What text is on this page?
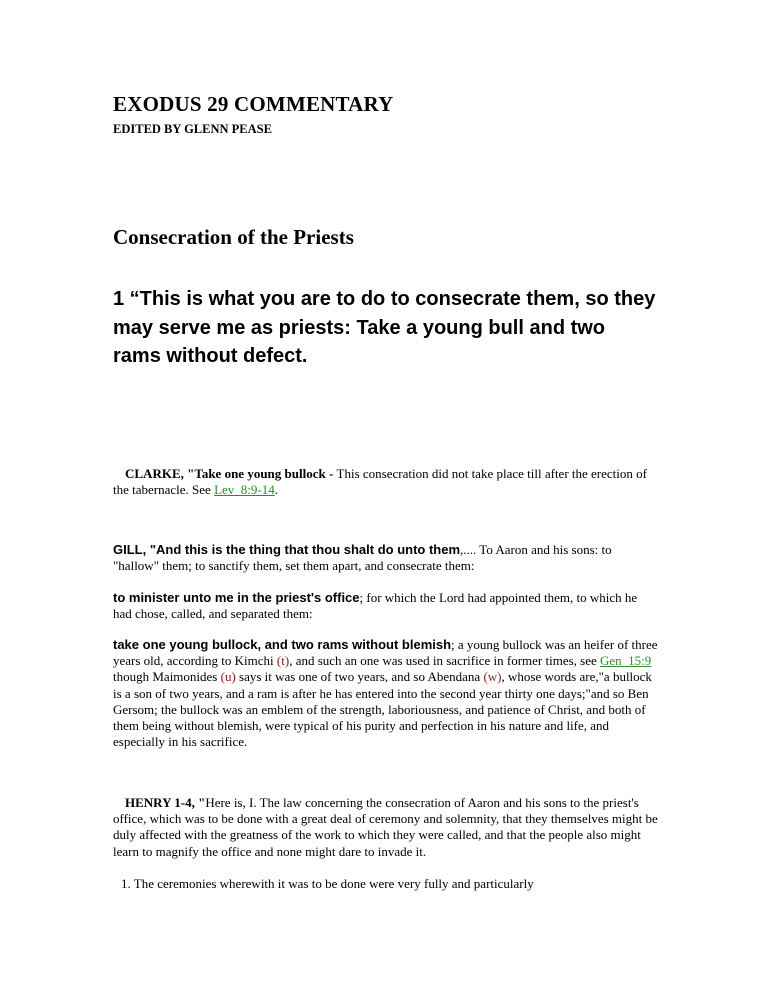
EXODUS 29 COMMENTARY
EDITED BY GLENN PEASE
Consecration of the Priests
1 “This is what you are to do to consecrate them, so they may serve me as priests: Take a young bull and two rams without defect.
CLARKE, "Take one young bullock - This consecration did not take place till after the erection of the tabernacle. See Lev_8:9-14.
GILL, "And this is the thing that thou shalt do unto them,.... To Aaron and his sons: to "hallow" them; to sanctify them, set them apart, and consecrate them:
to minister unto me in the priest's office; for which the Lord had appointed them, to which he had chose, called, and separated them:
take one young bullock, and two rams without blemish; a young bullock was an heifer of three years old, according to Kimchi (t), and such an one was used in sacrifice in former times, see Gen_15:9 though Maimonides (u) says it was one of two years, and so Abendana (w), whose words are,"a bullock is a son of two years, and a ram is after he has entered into the second year thirty one days;"and so Ben Gersom; the bullock was an emblem of the strength, laboriousness, and patience of Christ, and both of them being without blemish, were typical of his purity and perfection in his nature and life, and especially in his sacrifice.
HENRY 1-4, "Here is, I. The law concerning the consecration of Aaron and his sons to the priest's office, which was to be done with a great deal of ceremony and solemnity, that they themselves might be duly affected with the greatness of the work to which they were called, and that the people also might learn to magnify the office and none might dare to invade it.
1. The ceremonies wherewith it was to be done were very fully and particularly
